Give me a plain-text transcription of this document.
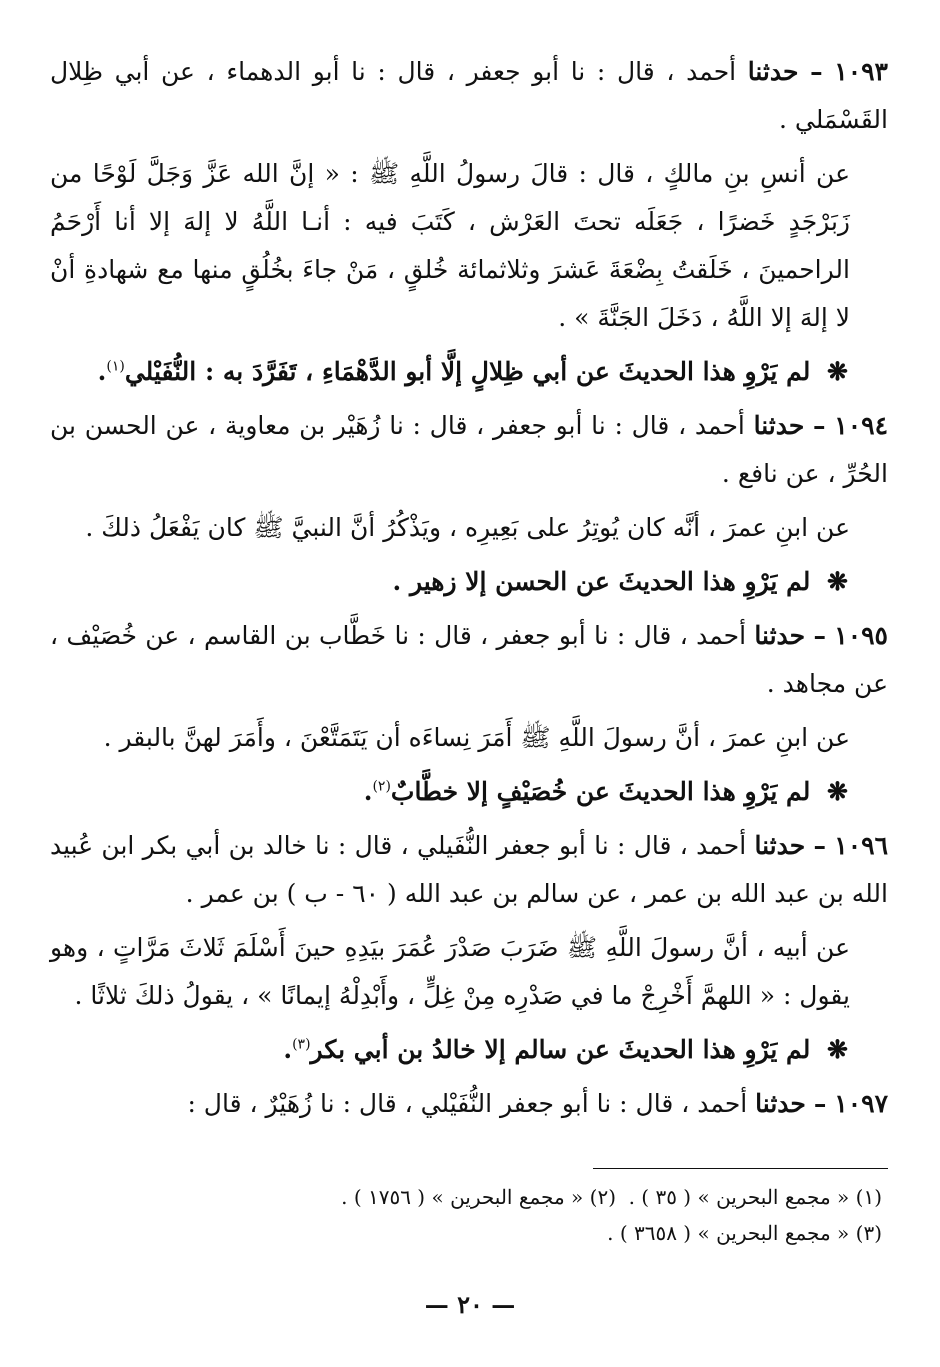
١٠٩٣ – حدثنا أحمد ، قال : نا أبو جعفر ، قال : نا أبو الدهماء ، عن أبي ظِلال القَسْمَلي .

عن أنسِ بنِ مالكٍ ، قال : قالَ رسولُ اللَّهِ ﷺ : « إنَّ الله عَزَّ وَجَلَّ لَوْحًا من زَبَرْجَدٍ خَضرًا ، جَعَلَه تحتَ العَرْش ، كَتَبَ فيه : أنـا اللَّهُ لا إلهَ إلا أنا أَرْحَمُ الراحمينَ ، خَلَقتُ بِضْعَةَ عَشرَ وثلاثمائة خُلقٍ ، مَنْ جاءَ بخُلُقٍ منها مع شهادةِ أنْ لا إلهَ إلا اللَّهُ ، دَخَلَ الجَنَّةَ » .

❋ لم يَرْوِ هذا الحديثَ عن أبي ظِلالٍ إلَّا أبو الدَّهْمَاءِ ، تَفَرَّدَ به : النُّفَيْلي$^{(١)}$.

١٠٩٤ – حدثنا أحمد ، قال : نا أبو جعفر ، قال : نا زُهَيْر بن معاوية ، عن الحسن بن الحُرِّ ، عن نافع .

عن ابنِ عمرَ ، أنَّه كان يُوتِرُ على بَعِيرِه ، ويَذْكُرُ أنَّ النبيَّ ﷺ كان يَفْعَلُ ذلكَ .

❋ لم يَرْوِ هذا الحديثَ عن الحسن إلا زهير .

١٠٩٥ – حدثنا أحمد ، قال : نا أبو جعفر ، قال : نا خَطَّاب بن القاسم ، عن خُصَيْف ، عن مجاهد .

عن ابنِ عمرَ ، أنَّ رسولَ اللَّهِ ﷺ أَمَرَ نِساءَه أن يَتَمَتَّعْنَ ، وأَمَرَ لهنَّ بالبقر .

❋ لم يَرْوِ هذا الحديثَ عن خُصَيْفٍ إلا خطَّابٌ$^{(٢)}$.

١٠٩٦ – حدثنا أحمد ، قال : نا أبو جعفر النُّفَيلي ، قال : نا خالد بن أبي بكر ابن عُبيد الله بن عبد الله بن عمر ، عن سالم بن عبد الله ( ٦٠ - ب ) بن عمر .

عن أبيه ، أنَّ رسولَ اللَّهِ ﷺ ضَرَبَ صَدْرَ عُمَرَ بيَدِهِ حينَ أَسْلَمَ ثَلاثَ مَرَّاتٍ ، وهو يقول : « اللهمَّ أَخْرِجْ ما في صَدْرِه مِنْ غِلٍّ ، وأَبْدِلْهُ إيمانًا » ، يقولُ ذلكَ ثلاثًا .

❋ لم يَرْوِ هذا الحديثَ عن سالم إلا خالدُ بن أبي بكر$^{(٣)}$.

١٠٩٧ – حدثنا أحمد ، قال : نا أبو جعفر النُّفَيْلي ، قال : نا زُهَيْرٌ ، قال :

(١) « مجمع البحرين » ( ٣٥ ) .
(٢) « مجمع البحرين » ( ١٧٥٦ ) .
(٣) « مجمع البحرين » ( ٣٦٥٨ ) .
— ٢٠ —
